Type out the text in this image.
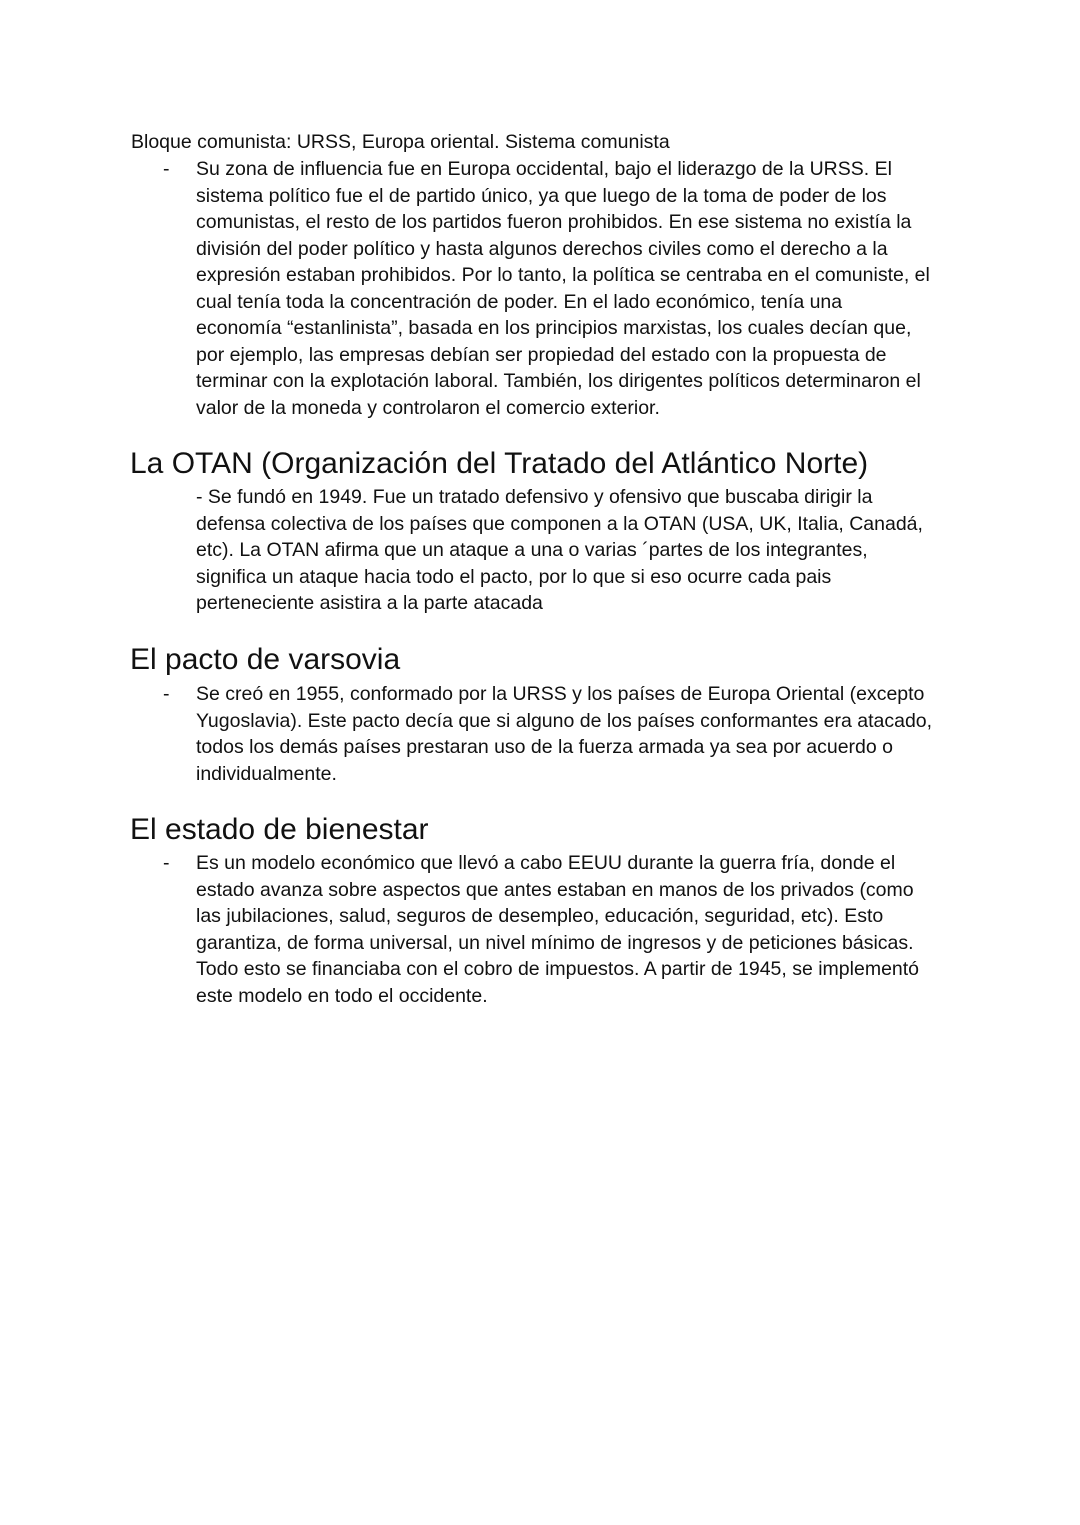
Bloque comunista: URSS, Europa oriental. Sistema comunista
- Su zona de influencia fue en Europa occidental, bajo el liderazgo de la URSS. El
sistema político fue el de partido único, ya que luego de la toma de poder de los
comunistas, el resto de los partidos fueron prohibidos. En ese sistema no existía la
división del poder político y hasta algunos derechos civiles como el derecho a la
expresión estaban prohibidos. Por lo tanto, la política se centraba en el comuniste, el
cual tenía toda la concentración de poder. En el lado económico, tenía una
economía “estanlinista”, basada en los principios marxistas, los cuales decían que,
por ejemplo, las empresas debían ser propiedad del estado con la propuesta de
terminar con la explotación laboral. También, los dirigentes políticos determinaron el
valor de la moneda y controlaron el comercio exterior.
La OTAN (Organización del Tratado del Atlántico Norte)
- Se fundó en 1949. Fue un tratado defensivo y ofensivo que buscaba dirigir la
defensa colectiva de los países que componen a la OTAN (USA, UK, Italia, Canadá,
etc). La OTAN afirma que un ataque a una o varias ´partes de los integrantes,
significa un ataque hacia todo el pacto, por lo que si eso ocurre cada pais
perteneciente asistira a la parte atacada
El pacto de varsovia
- Se creó en 1955, conformado por la URSS y los países de Europa Oriental (excepto
Yugoslavia). Este pacto decía que si alguno de los países conformantes era atacado,
todos los demás países prestaran uso de la fuerza armada ya sea por acuerdo o
individualmente.
El estado de bienestar
- Es un modelo económico que llevó a cabo EEUU durante la guerra fría, donde el
estado avanza sobre aspectos que antes estaban en manos de los privados (como
las jubilaciones, salud, seguros de desempleo, educación, seguridad, etc). Esto
garantiza, de forma universal, un nivel mínimo de ingresos y de peticiones básicas.
Todo esto se financiaba con el cobro de impuestos. A partir de 1945, se implementó
este modelo en todo el occidente.
